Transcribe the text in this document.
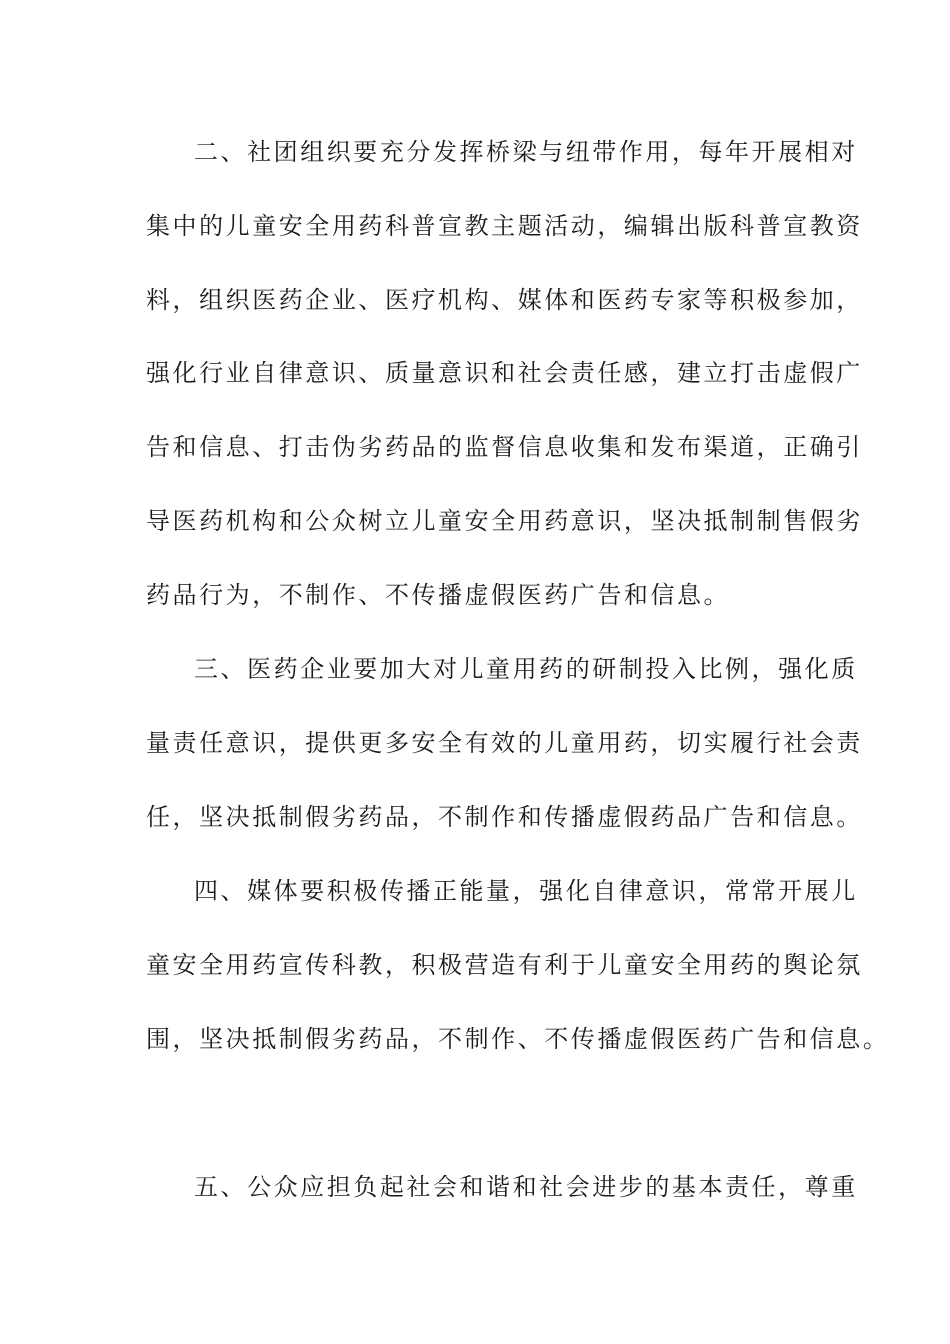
二、社团组织要充分发挥桥梁与纽带作用，每年开展相对
集中的儿童安全用药科普宣教主题活动，编辑出版科普宣教资
料，组织医药企业、医疗机构、媒体和医药专家等积极参加，
强化行业自律意识、质量意识和社会责任感，建立打击虚假广
告和信息、打击伪劣药品的监督信息收集和发布渠道，正确引
导医药机构和公众树立儿童安全用药意识，坚决抵制制售假劣
药品行为，不制作、不传播虚假医药广告和信息。
三、医药企业要加大对儿童用药的研制投入比例，强化质
量责任意识，提供更多安全有效的儿童用药，切实履行社会责
任，坚决抵制假劣药品，不制作和传播虚假药品广告和信息。
四、媒体要积极传播正能量，强化自律意识，常常开展儿
童安全用药宣传科教，积极营造有利于儿童安全用药的舆论氛
围，坚决抵制假劣药品，不制作、不传播虚假医药广告和信息。
五、公众应担负起社会和谐和社会进步的基本责任，尊重
